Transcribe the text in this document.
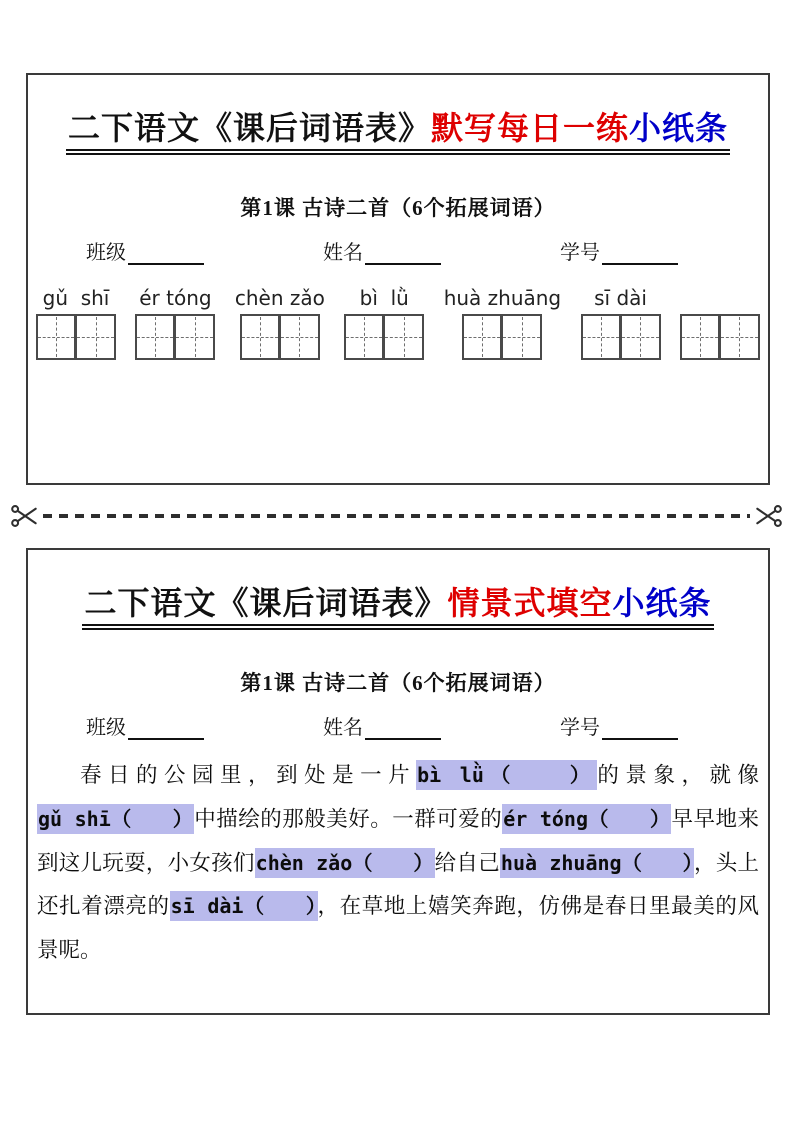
二下语文《课后词语表》默写每日一练小纸条
第1课 古诗二首（6个拓展词语）
班级	姓名	学号
gǔ  shī ér tóng chèn zǎo bì  lǜ huà zhuāng sī dài
二下语文《课后词语表》情景式填空小纸条
第1课 古诗二首（6个拓展词语）
班级	姓名	学号

春日的公园里，到处是一片bì lǜ（　　）的景象，就像gǔ shī（　　）中描绘的那般美好。一群可爱的ér tóng（　　）早早地来到这儿玩耍，小女孩们chèn zǎo（　　）给自己huà zhuāng（　　），头上还扎着漂亮的sī dài（　　），在草地上嬉笑奔跑，仿佛是春日里最美的风景呢。
